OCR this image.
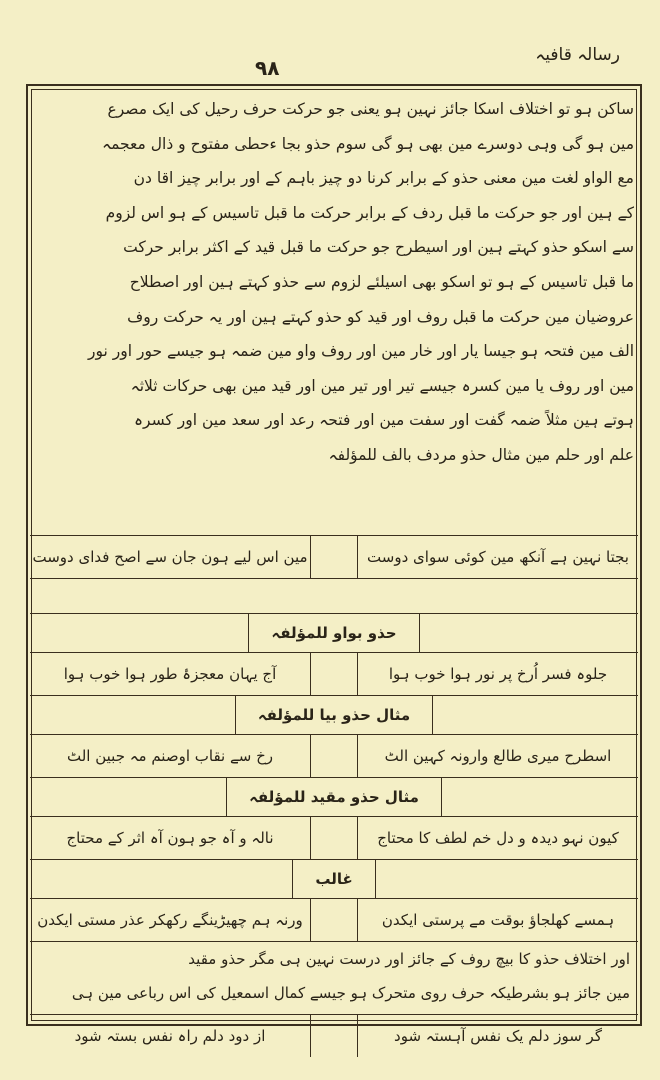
رسالہ قافیہ
۹۸
ساکن ہو تو اختلاف اسکا جائز نہین ہو یعنی جو حرکت حرف رحیل کی ایک مصرع
مین ہو گی وہی دوسرے مین بھی ہو گی سوم حذو بجا ءحطی مفتوح و ذال معجمہ
مع الواو لغت مین معنی حذو کے برابر کرنا دو چیز باہم کے اور برابر چیز اقا دن
کے ہین اور جو حرکت ما قبل ردف کے برابر حرکت ما قبل تاسیس کے ہو اس لزوم
سے اسکو حذو کہتے ہین اور اسیطرح جو حرکت ما قبل قید کے اکثر برابر حرکت
ما قبل تاسیس کے ہو تو اسکو بھی اسیلئے لزوم سے حذو کہتے ہین اور اصطلاح
عروضیان مین حرکت ما قبل روف اور قید کو حذو کہتے ہین اور یہ حرکت روف
الف مین فتحہ ہو جیسا یار اور خار مین اور روف واو مین ضمہ ہو جیسے حور اور نور
مین اور روف یا مین کسرہ جیسے تیر اور تیر مین اور قید مین بھی حرکات ثلاثہ
ہوتے ہین مثلاً ضمہ گفت اور سفت مین اور فتحہ رعد اور سعد مین اور کسرہ
علم اور حلم مین مثال حذو مردف بالف للمؤلفہ
بجتا نہین ہے آنکھ مین کوئی سوای دوست
مین اس لیے ہون جان سے اصح فدای دوست
حذو بواو للمؤلفہ
جلوہ فسر اُرخ پر نور ہوا خوب ہوا
آج یہان معجزۂ طور ہوا خوب ہوا
مثال حذو بیا للمؤلفہ
اسطرح میری طالع وارونہ کہین الٹ
رخ سے نقاب اوصنم مہ جبین الٹ
مثال حذو مقید للمؤلفہ
کیون نہو دیدہ و دل خم لطف کا محتاج
نالہ و آہ جو ہون آہ اثر کے محتاج
غالب
ہمسے کھلجاؤ بوقت مے پرستی ایکدن
ورنہ ہم چھیڑینگے رکھکر عذر مستی ایکدن
اور اختلاف حذو کا بیچ روف کے جائز اور درست نہین ہی مگر حذو مقید
مین جائز ہو بشرطیکہ حرف روی متحرک ہو جیسے کمال اسمعیل کی اس رباعی مین ہی
گر سوز دلم یک نفس آہستہ شود
از دود دلم راہ نفس بستہ شود
